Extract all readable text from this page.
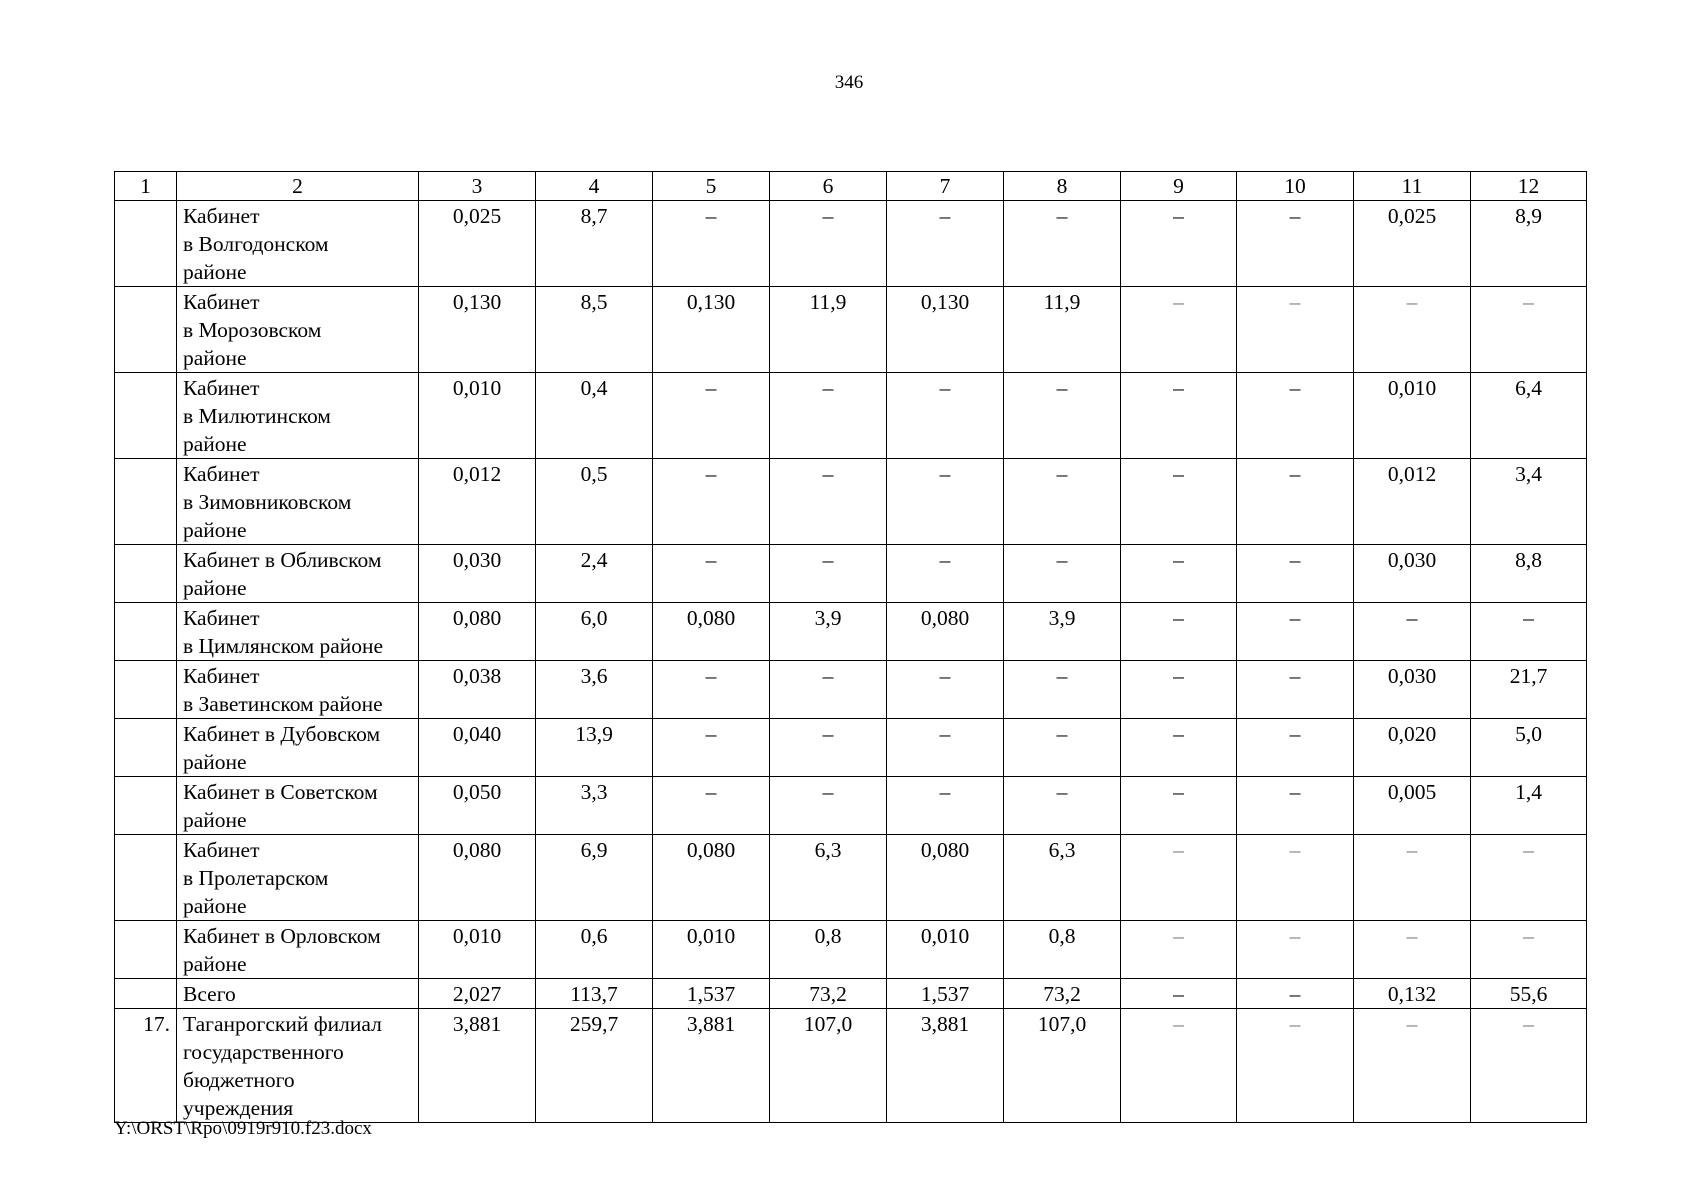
346
1	2	3	4	5	6	7	8	9	10	11	12
	Кабинет
в Волгодонском
районе	0,025	8,7	–	–	–	–	–	–	0,025	8,9
	Кабинет
в Морозовском
районе	0,130	8,5	0,130	11,9	0,130	11,9	–	–	–	–
	Кабинет
в Милютинском
районе	0,010	0,4	–	–	–	–	–	–	0,010	6,4
	Кабинет
в Зимовниковском
районе	0,012	0,5	–	–	–	–	–	–	0,012	3,4
	Кабинет в Обливском
районе	0,030	2,4	–	–	–	–	–	–	0,030	8,8
	Кабинет
в Цимлянском районе	0,080	6,0	0,080	3,9	0,080	3,9	–	–	–	–
	Кабинет
в Заветинском районе	0,038	3,6	–	–	–	–	–	–	0,030	21,7
	Кабинет в Дубовском
районе	0,040	13,9	–	–	–	–	–	–	0,020	5,0
	Кабинет в Советском
районе	0,050	3,3	–	–	–	–	–	–	0,005	1,4
	Кабинет
в Пролетарском
районе	0,080	6,9	0,080	6,3	0,080	6,3	–	–	–	–
	Кабинет в Орловском
районе	0,010	0,6	0,010	0,8	0,010	0,8	–	–	–	–
	Всего	2,027	113,7	1,537	73,2	1,537	73,2	–	–	0,132	55,6
17.	Таганрогский филиал
государственного
бюджетного
учреждения	3,881	259,7	3,881	107,0	3,881	107,0	–	–	–	–
Y:\ORST\Rpo\0919r910.f23.docx
